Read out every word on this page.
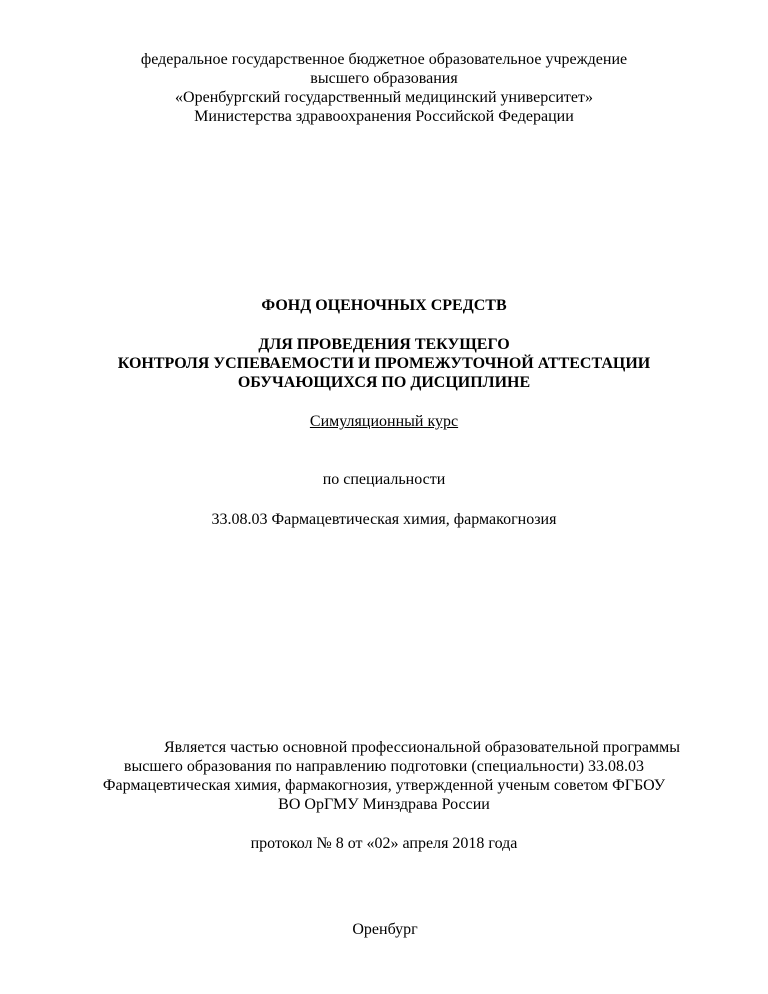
федеральное государственное бюджетное образовательное учреждение
высшего образования
«Оренбургский государственный медицинский университет»
Министерства здравоохранения Российской Федерации
ФОНД ОЦЕНОЧНЫХ СРЕДСТВ
ДЛЯ ПРОВЕДЕНИЯ ТЕКУЩЕГО
КОНТРОЛЯ УСПЕВАЕМОСТИ И ПРОМЕЖУТОЧНОЙ АТТЕСТАЦИИ
ОБУЧАЮЩИХСЯ ПО ДИСЦИПЛИНЕ
Симуляционный курс
по специальности
33.08.03 Фармацевтическая химия, фармакогнозия
Является частью основной профессиональной образовательной программы
высшего образования по направлению подготовки (специальности) 33.08.03
Фармацевтическая химия, фармакогнозия, утвержденной ученым советом ФГБОУ
ВО ОрГМУ Минздрава России
протокол № 8 от «02» апреля 2018 года
Оренбург
